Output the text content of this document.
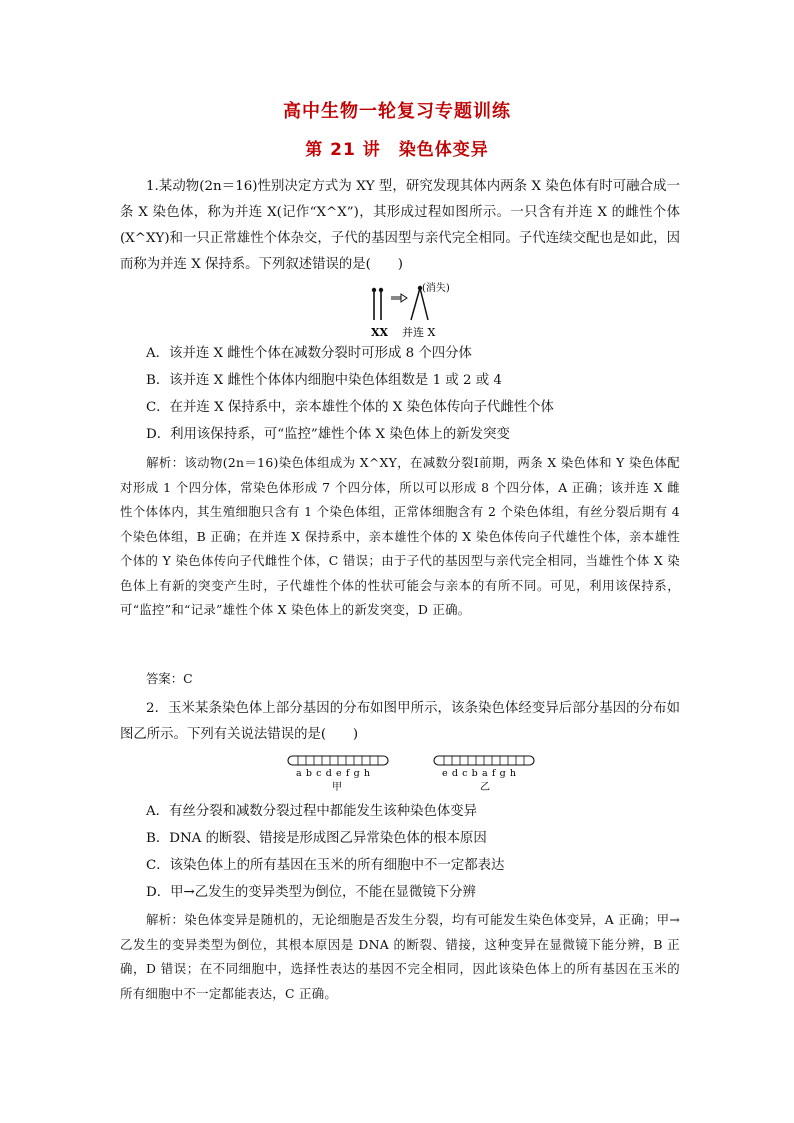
高中生物一轮复习专题训练
第 21 讲　染色体变异
1.某动物(2n＝16)性别决定方式为 XY 型，研究发现其体内两条 X 染色体有时可融合成一条 X 染色体，称为并连 X(记作“X^X”)，其形成过程如图所示。一只含有并连 X 的雌性个体(X^XY)和一只正常雄性个体杂交，子代的基因型与亲代完全相同。子代连续交配也是如此，因而称为并连 X 保持系。下列叙述错误的是(　　)
(消失)
XX 并连 X
A．该并连 X 雌性个体在减数分裂时可形成 8 个四分体
B．该并连 X 雌性个体体内细胞中染色体组数是 1 或 2 或 4
C．在并连 X 保持系中，亲本雄性个体的 X 染色体传向子代雌性个体
D．利用该保持系，可“监控”雄性个体 X 染色体上的新发突变
解析：该动物(2n＝16)染色体组成为 X^XY，在减数分裂Ⅰ前期，两条 X 染色体和 Y 染色体配对形成 1 个四分体，常染色体形成 7 个四分体，所以可以形成 8 个四分体，A 正确；该并连 X 雌性个体体内，其生殖细胞只含有 1 个染色体组，正常体细胞含有 2 个染色体组，有丝分裂后期有 4 个染色体组，B 正确；在并连 X 保持系中，亲本雄性个体的 X 染色体传向子代雄性个体，亲本雄性个体的 Y 染色体传向子代雌性个体，C 错误；由于子代的基因型与亲代完全相同，当雄性个体 X 染色体上有新的突变产生时，子代雄性个体的性状可能会与亲本的有所不同。可见，利用该保持系，可“监控”和“记录”雄性个体 X 染色体上的新发突变，D 正确。
答案：C
2．玉米某条染色体上部分基因的分布如图甲所示，该条染色体经变异后部分基因的分布如图乙所示。下列有关说法错误的是(　　)
a b c d e f g h
甲
e d c b a f g h
乙
A．有丝分裂和减数分裂过程中都能发生该种染色体变异
B．DNA 的断裂、错接是形成图乙异常染色体的根本原因
C．该染色体上的所有基因在玉米的所有细胞中不一定都表达
D．甲→乙发生的变异类型为倒位，不能在显微镜下分辨
解析：染色体变异是随机的，无论细胞是否发生分裂，均有可能发生染色体变异，A 正确；甲→乙发生的变异类型为倒位，其根本原因是 DNA 的断裂、错接，这种变异在显微镜下能分辨，B 正确，D 错误；在不同细胞中，选择性表达的基因不完全相同，因此该染色体上的所有基因在玉米的所有细胞中不一定都能表达，C 正确。
